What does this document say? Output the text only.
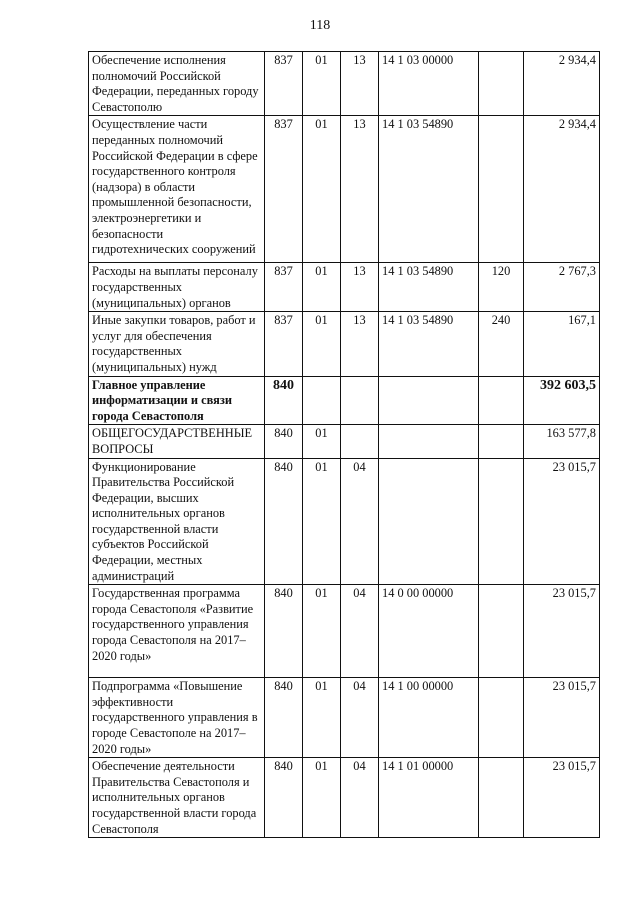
118
Обеспечение исполнения полномочий Российской Федерации, переданных городу Севастополю	837	01	13	14 1 03 00000		2 934,4
Осуществление части переданных полномочий Российской Федерации в сфере государственного контроля (надзора) в области промышленной безопасности, электроэнергетики и безопасности гидротехнических сооружений	837	01	13	14 1 03 54890		2 934,4
Расходы на выплаты персоналу государственных (муниципальных) органов	837	01	13	14 1 03 54890	120	2 767,3
Иные закупки товаров, работ и услуг для обеспечения государственных (муниципальных) нужд	837	01	13	14 1 03 54890	240	167,1
Главное управление информатизации и связи города Севастополя	840					392 603,5
ОБЩЕГОСУДАРСТВЕННЫЕ ВОПРОСЫ	840	01				163 577,8
Функционирование Правительства Российской Федерации, высших исполнительных органов государственной власти субъектов Российской Федерации, местных администраций	840	01	04			23 015,7
Государственная программа города Севастополя «Развитие государственного управления города Севастополя на 2017–2020 годы»	840	01	04	14 0 00 00000		23 015,7
Подпрограмма «Повышение эффективности государственного управления в городе Севастополе на 2017–2020 годы»	840	01	04	14 1 00 00000		23 015,7
Обеспечение деятельности Правительства Севастополя и исполнительных органов государственной власти города Севастополя	840	01	04	14 1 01 00000		23 015,7
